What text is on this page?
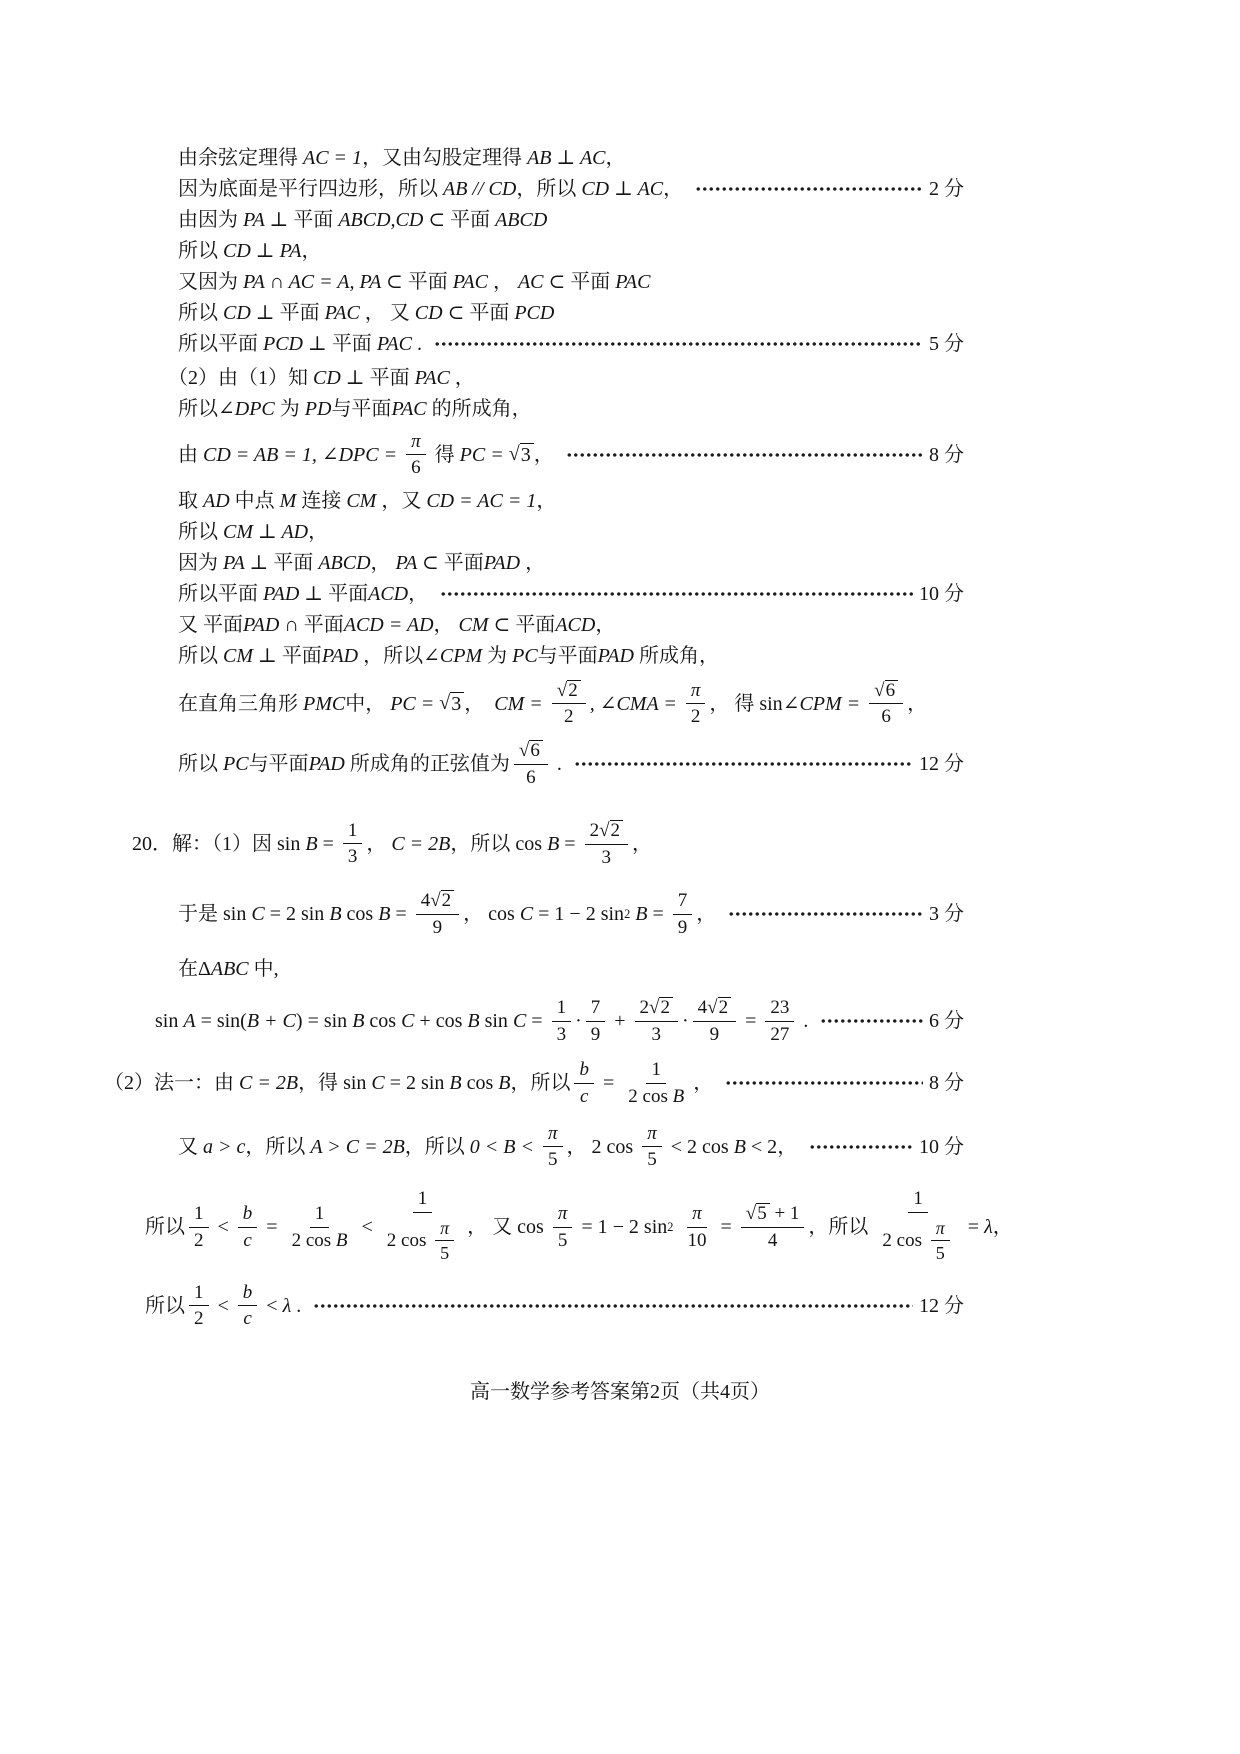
由余弦定理得 AC = 1 ，又由勾股定理得 AB ⊥ AC ，
因为底面是平行四边形，所以 AB // CD ，所以 CD ⊥ AC ，	2 分
由因为 PA ⊥ 平面 ABCD,CD ⊂ 平面 ABCD
所以 CD ⊥ PA ，
又因为 PA ∩ AC = A, PA ⊂ 平面 PAC ， AC ⊂ 平面 PAC
所以 CD ⊥ 平面 PAC ， 又 CD ⊂ 平面 PCD
所以平面 PCD ⊥ 平面 PAC .	5 分
（2）由（1）知 CD ⊥ 平面 PAC ，
所以 ∠DPC 为 PD 与平面 PAC 的所成角，
由 CD = AB = 1, ∠DPC = $\frac{\pi}{6}$ 得 PC = √ 3 ，	8 分
取 AD 中点 M 连接 CM ，又 CD = AC = 1 ，
所以 CM ⊥ AD ，
因为 PA ⊥ 平面 ABCD ， PA ⊂ 平面 PAD ，
所以平面 PAD ⊥ 平面 ACD ，	10 分
又 平面 PAD ∩ 平面 ACD = AD ， CM ⊂ 平面 ACD ，
所以 CM ⊥ 平面 PAD ，所以 ∠CPM 为 PC 与平面 PAD 所成角，
在直角三角形 PMC 中， PC = √ 3 ， CM = $\frac{√ 2}{2}$ , ∠CMA = $\frac{\pi}{2}$ ， 得 sin ∠CPM = $\frac{√ 6}{6}$ ，
所以 PC 与平面 PAD 所成角的正弦值为 $\frac{√ 6}{6}$ .	12 分
20．解：（1）因 $\sin B = \frac{1}{3}$ ， C = 2B ，所以 $\cos B = \frac{2 √ 2}{3}$ ，
于是 sin C = 2 sin B $\cos B = \frac{4 √ 2}{9}$ ， cos C = 1 − 2 sin 2 $B = \frac{7}{9}$ ，	3 分
在 Δ ABC 中,
sin A = sin( B + C ) = sin B cos C + cos B $\sin C = \frac{1}{3} \cdot \frac{7}{9} + \frac{2 √ 2}{3} \cdot \frac{4 √ 2}{9} = \frac{23}{27}$ .	6 分
（2）法一：由 C = 2B ，得 sin C = 2 sin B cos B ，所以 $\frac{b}{c} = \frac{1}{\text{2 cos B}}$ ，	8 分
又 a > c ，所以 A > C = 2B ，所以 $0 < B < \frac{\pi}{5}$ ， 2 $\cos \frac{\pi}{5} < 2$ cos B < 2 ，	10 分
所以 $\frac{1}{2} < \frac{b}{c} = \frac{1}{\text{2 cos B}} < \frac{1}{2 \cos \frac{\pi}{5}}$ ， 又 $\cos \frac{\pi}{5} = 1 - 2$ sin 2
$\frac{\pi}{10} = \frac{√ 5 + 1}{4}$ ，所以 $\frac{1}{2 \cos \frac{\pi}{5}} = \lambda$ ，
所以 $\frac{1}{2} < \frac{b}{c} < \lambda$ .	12 分
高一数学参考答案第2页（共4页）
